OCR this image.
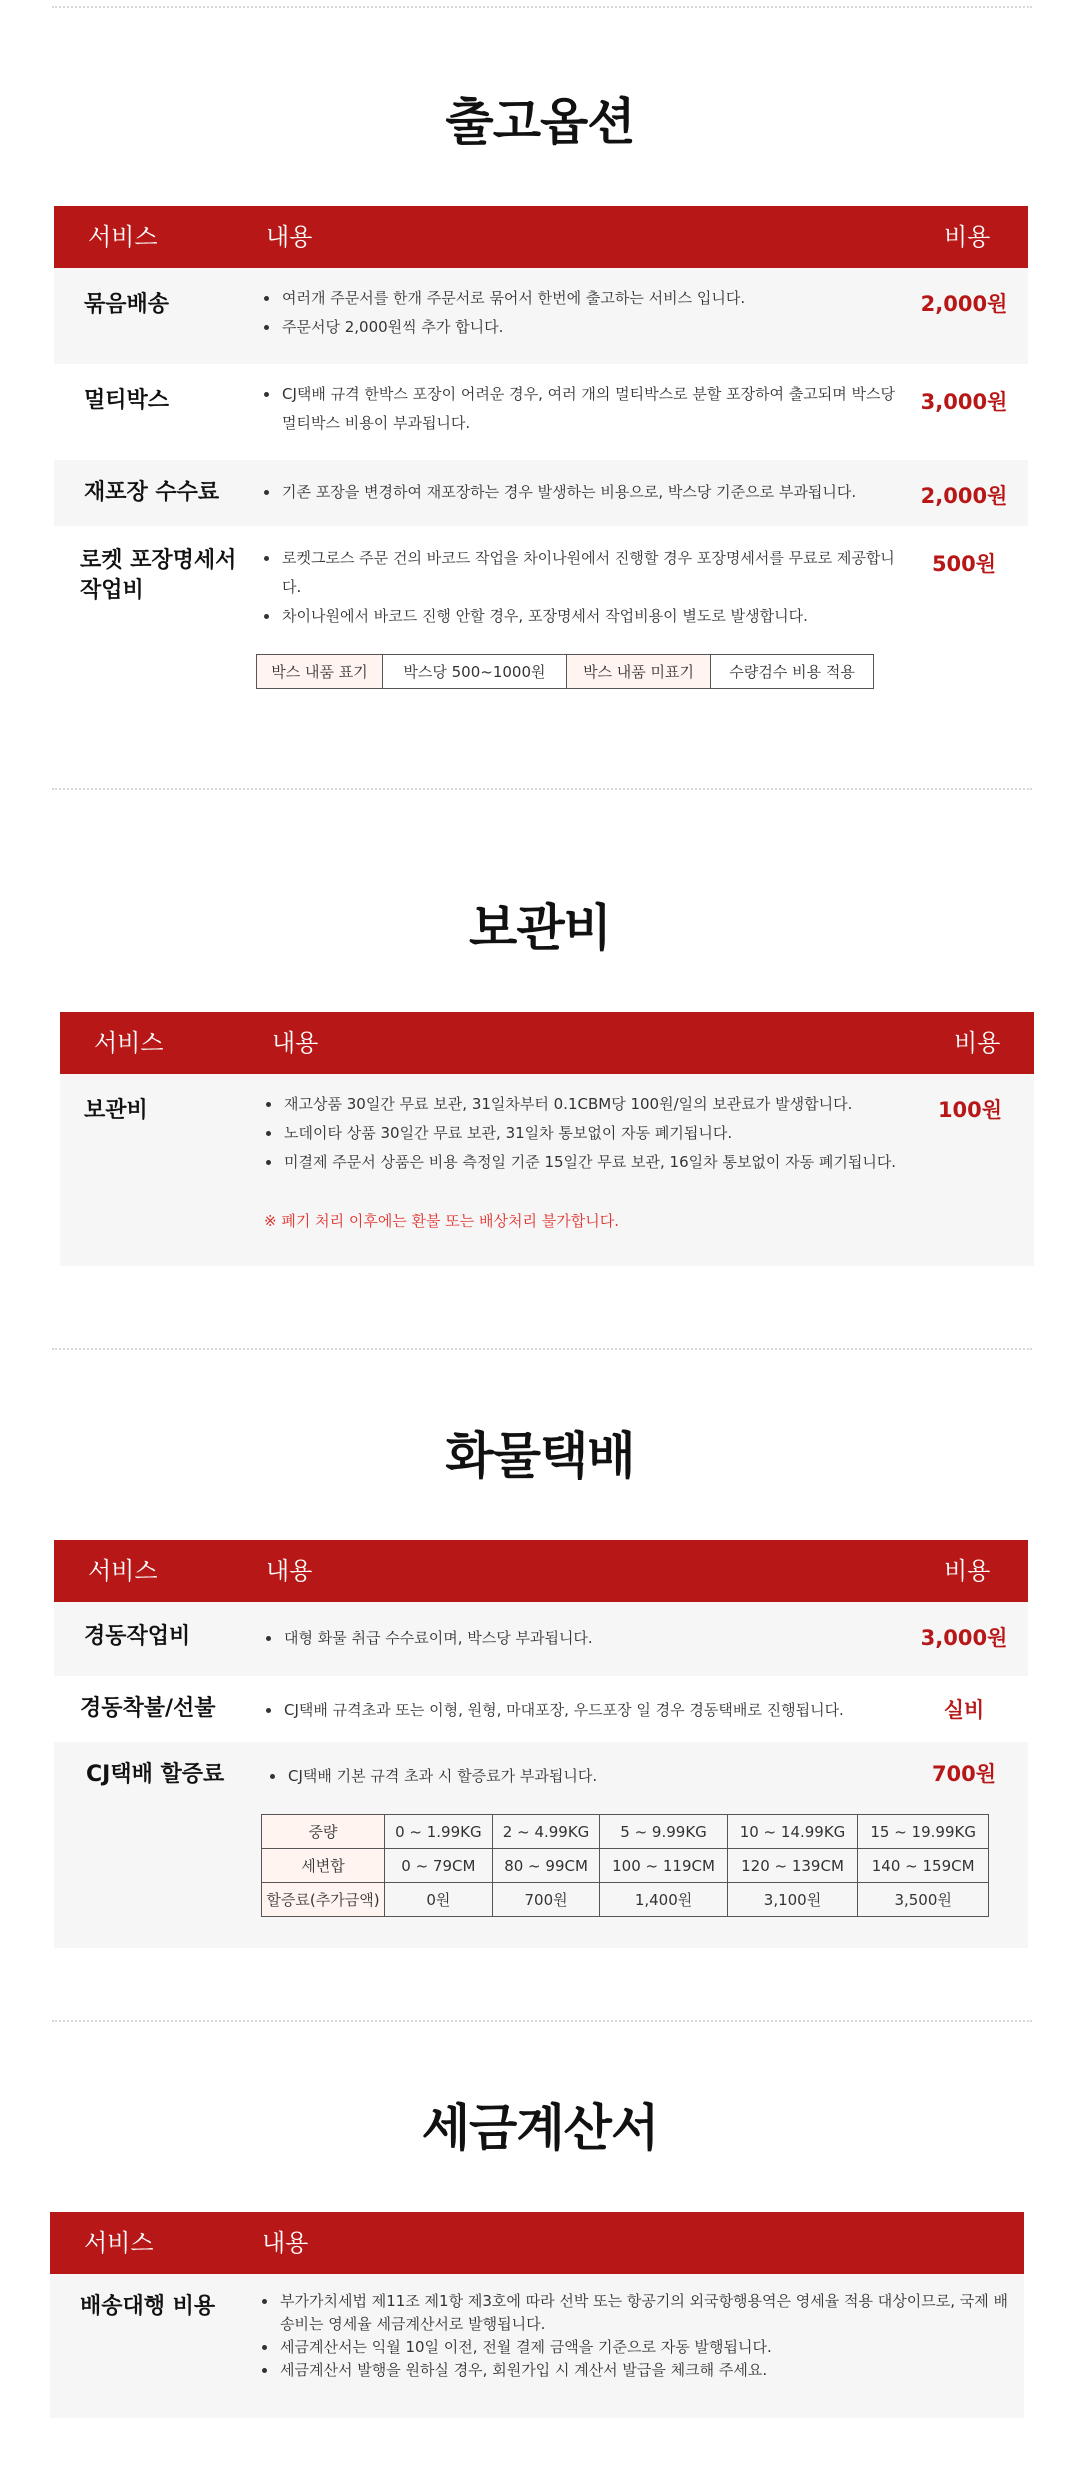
출고옵션
서비스	내용	비용
묶음배송	• 여러개 주문서를 한개 주문서로 묶어서 한번에 출고하는 서비스 입니다.
• 주문서당 2,000원씩 추가 합니다.
2,000원
멀티박스	• CJ택배 규격 한박스 포장이 어려운 경우, 여러 개의 멀티박스로 분할 포장하여 출고되며 박스당 멀티박스 비용이 부과됩니다.
3,000원
재포장 수수료	• 기존 포장을 변경하여 재포장하는 경우 발생하는 비용으로, 박스당 기준으로 부과됩니다.	2,000원
로켓 포장명세서
작업비
• 로켓그로스 주문 건의 바코드 작업을 차이나원에서 진행할 경우 포장명세서를 무료로 제공합니다.
• 차이나원에서 바코드 진행 안할 경우, 포장명세서 작업비용이 별도로 발생합니다.
500원
박스 내품 표기	박스당 500~1000원	박스 내품 미표기	수량검수 비용 적용
보관비
서비스	내용	비용
보관비	• 재고상품 30일간 무료 보관, 31일차부터 0.1CBM당 100원/일의 보관료가 발생합니다.
• 노데이타 상품 30일간 무료 보관, 31일차 통보없이 자동 폐기됩니다.
• 미결제 주문서 상품은 비용 측정일 기준 15일간 무료 보관, 16일차 통보없이 자동 폐기됩니다.
※ 폐기 처리 이후에는 환불 또는 배상처리 불가합니다.
100원
화물택배
서비스	내용	비용
경동작업비	• 대형 화물 취급 수수료이며, 박스당 부과됩니다.	3,000원
경동착불/선불	• CJ택배 규격초과 또는 이형, 원형, 마대포장, 우드포장 일 경우 경동택배로 진행됩니다.	실비
CJ택배 할증료	• CJ택배 기본 규격 초과 시 할증료가 부과됩니다.	700원
중량	0 ~ 1.99KG	2 ~ 4.99KG	5 ~ 9.99KG	10 ~ 14.99KG	15 ~ 19.99KG
세변합	0 ~ 79CM	80 ~ 99CM	100 ~ 119CM	120 ~ 139CM	140 ~ 159CM
할증료(추가금액)	0원	700원	1,400원	3,100원	3,500원
세금계산서
서비스	내용
배송대행 비용	• 부가가치세법 제11조 제1항 제3호에 따라 선박 또는 항공기의 외국항행용역은 영세율 적용 대상이므로, 국제 배송비는 영세율 세금계산서로 발행됩니다.
• 세금계산서는 익월 10일 이전, 전월 결제 금액을 기준으로 자동 발행됩니다.
• 세금계산서 발행을 원하실 경우, 회원가입 시 계산서 발급을 체크해 주세요.
